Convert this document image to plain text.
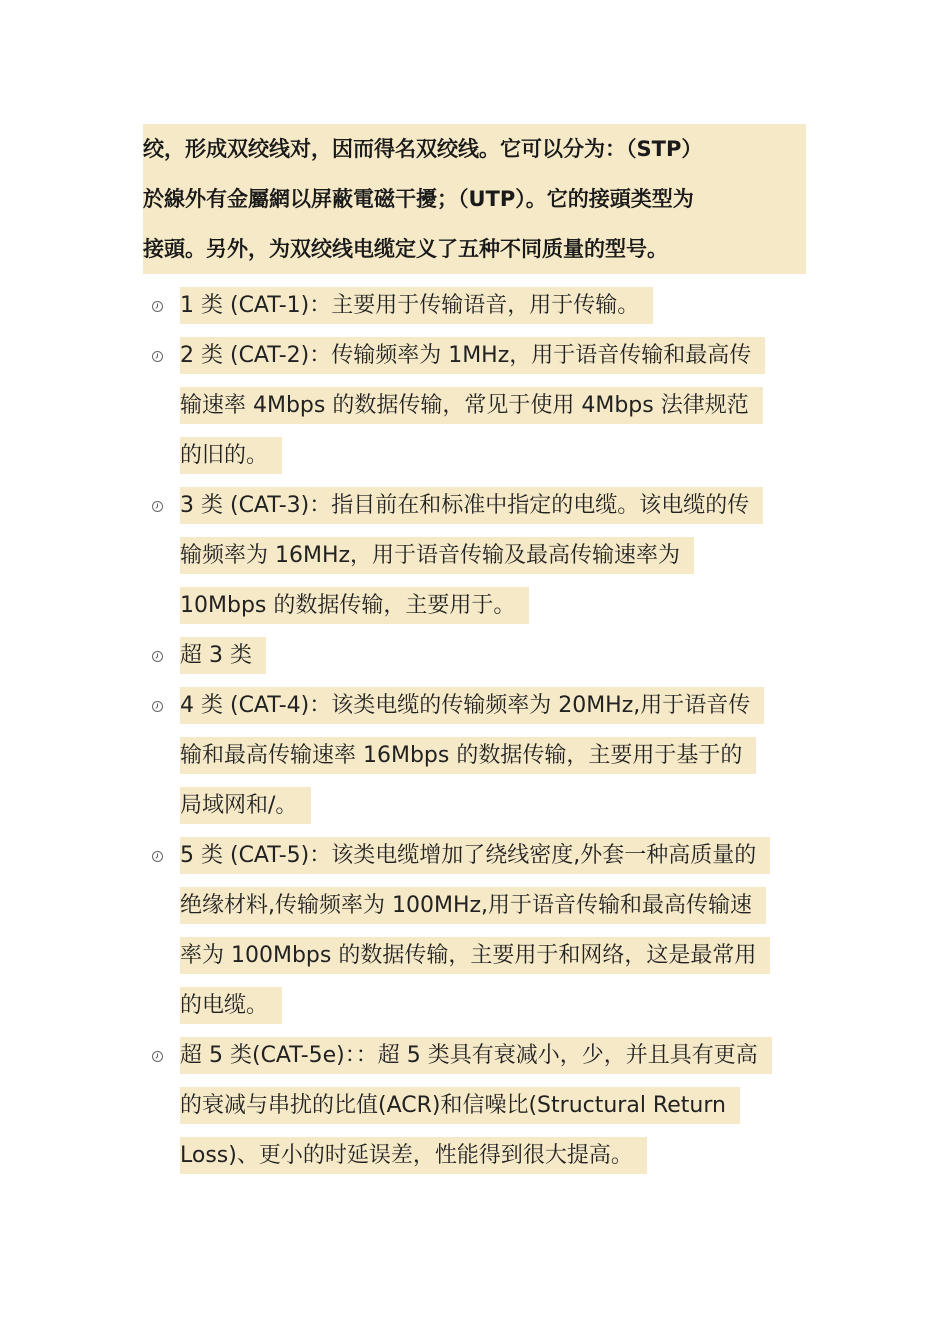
绞，形成双绞线对，因而得名双绞线。它可以分为：（STP）
於線外有金屬網以屏蔽電磁干擾；（UTP）。它的接頭类型为
接頭。另外，为双绞线电缆定义了五种不同质量的型号。
1 类 (CAT-1)：主要用于传输语音，用于传输。
2 类 (CAT-2)：传输频率为 1MHz，用于语音传输和最高传
输速率 4Mbps 的数据传输，常见于使用 4Mbps 法律规范
的旧的。
3 类 (CAT-3)：指目前在和标准中指定的电缆。该电缆的传
输频率为 16MHz，用于语音传输及最高传输速率为
10Mbps 的数据传输，主要用于。
超 3 类
4 类 (CAT-4)：该类电缆的传输频率为 20MHz,用于语音传
输和最高传输速率 16Mbps 的数据传输，主要用于基于的
局域网和/。
5 类 (CAT-5)：该类电缆增加了绕线密度,外套一种高质量的
绝缘材料,传输频率为 100MHz,用于语音传输和最高传输速
率为 100Mbps 的数据传输，主要用于和网络，这是最常用
的电缆。
超 5 类(CAT-5e)：：超 5 类具有衰减小，少，并且具有更高
的衰减与串扰的比值(ACR)和信噪比(Structural Return
Loss)、更小的时延误差，性能得到很大提高。
